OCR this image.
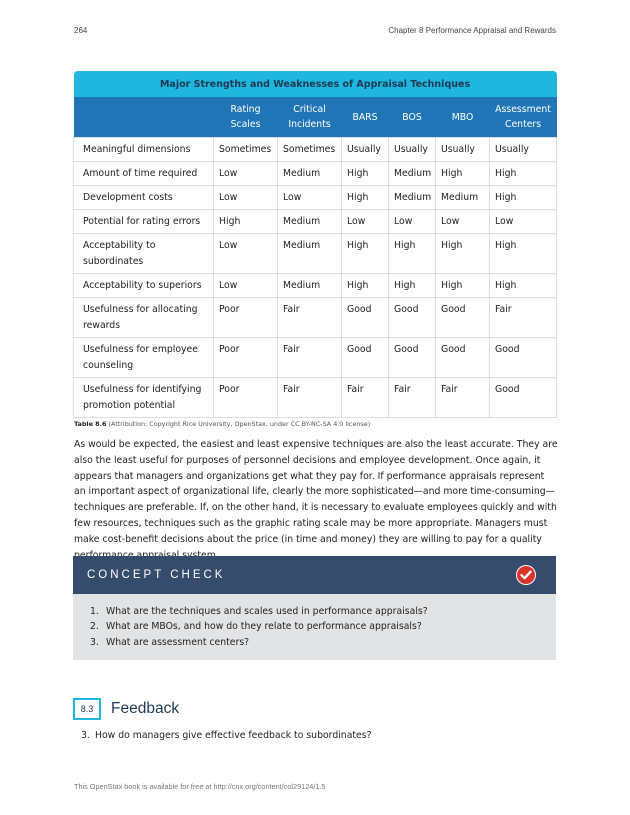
264	Chapter 8 Performance Appraisal and Rewards
Major Strengths and Weaknesses of Appraisal Techniques						
	Rating Scales	Critical Incidents	BARS	BOS	MBO	Assessment Centers
Meaningful dimensions	Sometimes	Sometimes	Usually	Usually	Usually	Usually
Amount of time required	Low	Medium	High	Medium	High	High
Development costs	Low	Low	High	Medium	Medium	High
Potential for rating errors	High	Medium	Low	Low	Low	Low
Acceptability to subordinates	Low	Medium	High	High	High	High
Acceptability to superiors	Low	Medium	High	High	High	High
Usefulness for allocating rewards	Poor	Fair	Good	Good	Good	Fair
Usefulness for employee counseling	Poor	Fair	Good	Good	Good	Good
Usefulness for identifying promotion potential	Poor	Fair	Fair	Fair	Fair	Good
Table 8.6 (Attribution: Copyright Rice University, OpenStax, under CC BY-NC-SA 4.0 license)

As would be expected, the easiest and least expensive techniques are also the least accurate. They are also the least useful for purposes of personnel decisions and employee development. Once again, it appears that managers and organizations get what they pay for. If performance appraisals represent an important aspect of organizational life, clearly the more sophisticated—and more time-consuming—techniques are preferable. If, on the other hand, it is necessary to evaluate employees quickly and with few resources, techniques such as the graphic rating scale may be more appropriate. Managers must make cost-benefit decisions about the price (in time and money) they are willing to pay for a quality

CONCEPT CHECK
1. What are the techniques and scales used in performance appraisals?
2. What are MBOs, and how do they relate to performance appraisals?
3. What are assessment centers?
8.3	Feedback
3. How do managers give effective feedback to subordinates?
This OpenStax book is available for free at http://cnx.org/content/col29124/1.5
